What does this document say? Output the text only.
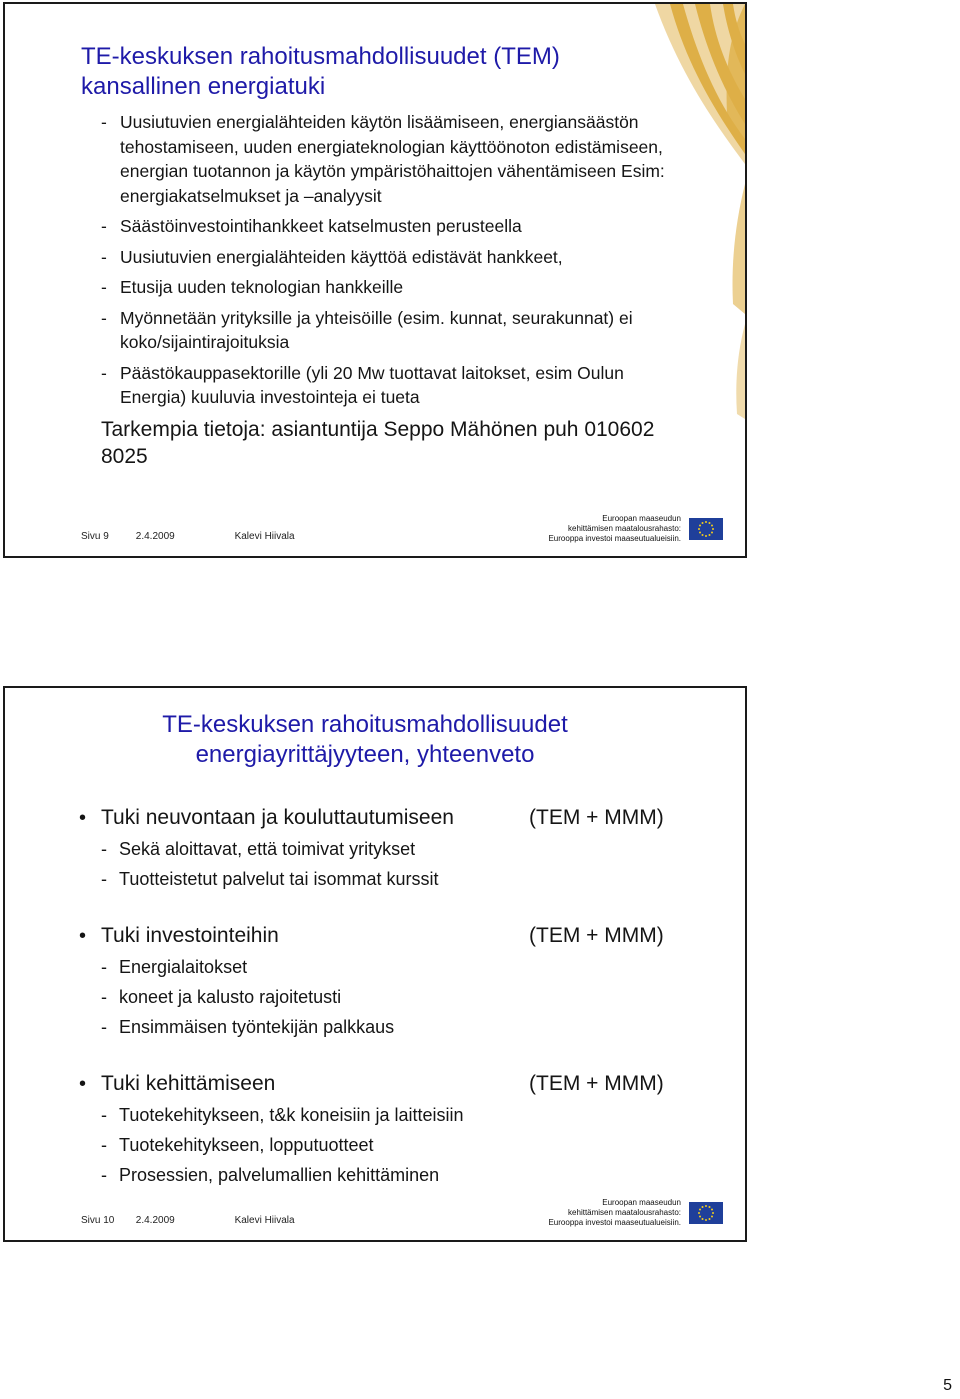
TE-keskuksen rahoitusmahdollisuudet (TEM) kansallinen energiatuki
- Uusiutuvien energialähteiden käytön lisäämiseen, energiansäästön tehostamiseen, uuden energiateknologian käyttöönoton edistämiseen, energian tuotannon ja käytön ympäristöhaittojen vähentämiseen Esim: energiakatselmukset ja –analyysit
- Säästöinvestointihankkeet katselmusten perusteella
- Uusiutuvien energialähteiden käyttöä edistävät hankkeet,
- Etusija uuden teknologian hankkeille
- Myönnetään yrityksille ja yhteisöille (esim. kunnat, seurakunnat) ei koko/sijaintirajoituksia
- Päästökauppasektorille (yli 20 Mw tuottavat laitokset, esim Oulun Energia) kuuluvia investointeja ei tueta
Tarkempia tietoja: asiantuntija Seppo Mähönen puh 010602 8025
Sivu 9	2.4.2009	Kalevi Hiivala
Euroopan maaseudun
kehittämisen maatalousrahasto:
Eurooppa investoi maaseutualueisiin.
TE-keskuksen rahoitusmahdollisuudet energiayrittäjyyteen, yhteenveto
• Tuki neuvontaan ja kouluttautumiseen	(TEM + MMM)
- Sekä aloittavat, että toimivat yritykset
- Tuotteistetut palvelut tai isommat kurssit
• Tuki investointeihin	(TEM + MMM)
- Energialaitokset
- koneet ja kalusto rajoitetusti
- Ensimmäisen työntekijän palkkaus
• Tuki kehittämiseen	(TEM + MMM)
- Tuotekehitykseen, t&k koneisiin ja laitteisiin
- Tuotekehitykseen, lopputuotteet
- Prosessien, palvelumallien kehittäminen
Sivu 10 2.4.2009	Kalevi Hiivala
Euroopan maaseudun
kehittämisen maatalousrahasto:
Eurooppa investoi maaseutualueisiin.
5
